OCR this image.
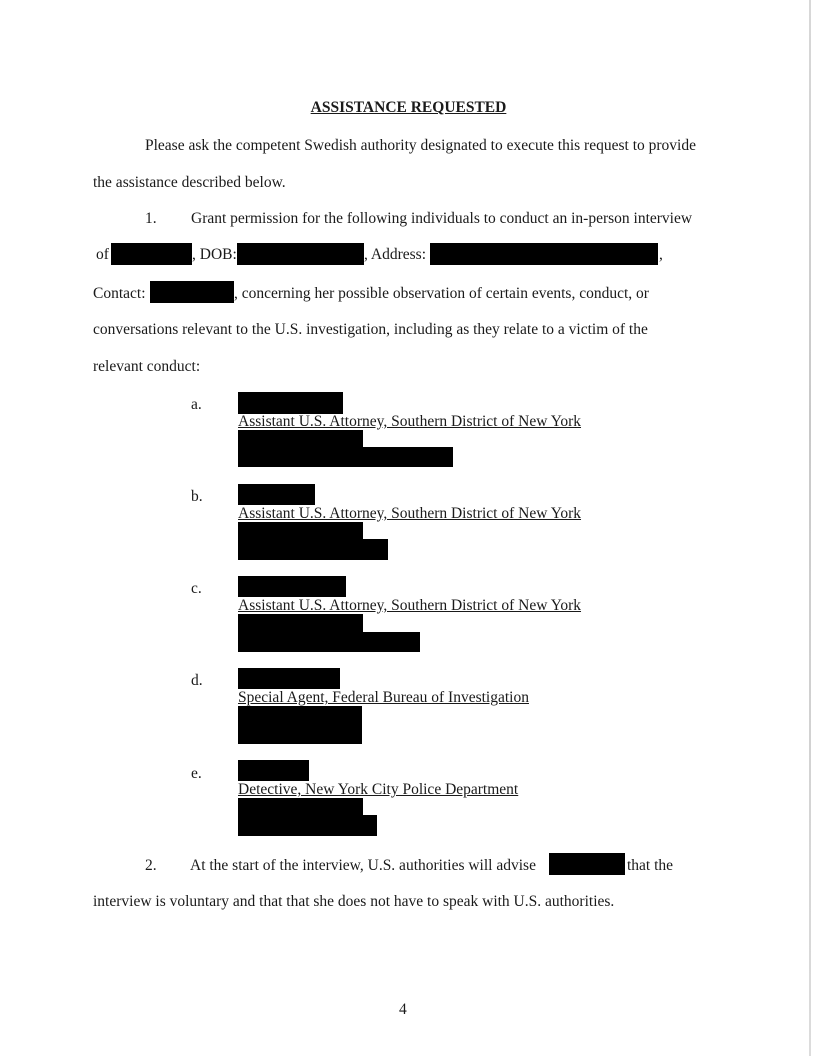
ASSISTANCE REQUESTED
Please ask the competent Swedish authority designated to execute this request to provide
the assistance described below.
1. Grant permission for the following individuals to conduct an in-person interview
of	, DOB:	, Address:	,
Contact:	, concerning her possible observation of certain events, conduct, or
conversations relevant to the U.S. investigation, including as they relate to a victim of the
relevant conduct:
a.
Assistant U.S. Attorney, Southern District of New York
b.
Assistant U.S. Attorney, Southern District of New York
c.
Assistant U.S. Attorney, Southern District of New York
d.
Special Agent, Federal Bureau of Investigation
e.
Detective, New York City Police Department
2. At the start of the interview, U.S. authorities will advise	that the
interview is voluntary and that that she does not have to speak with U.S. authorities.
4
